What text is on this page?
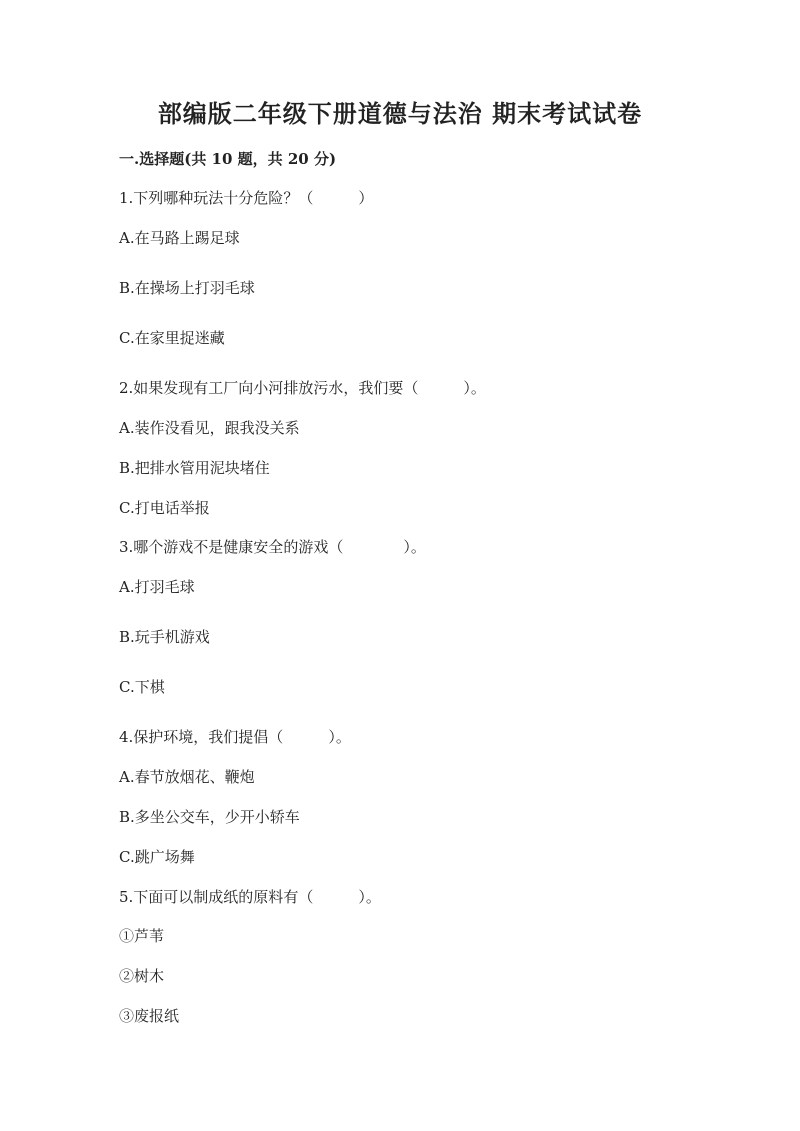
部编版二年级下册道德与法治 期末考试试卷
一.选择题(共 10 题，共 20 分)
1.下列哪种玩法十分危险？（　　　）
A.在马路上踢足球
B.在操场上打羽毛球
C.在家里捉迷藏
2.如果发现有工厂向小河排放污水，我们要（　　　）。
A.装作没看见，跟我没关系
B.把排水管用泥块堵住
C.打电话举报
3.哪个游戏不是健康安全的游戏（　　　　）。
A.打羽毛球
B.玩手机游戏
C.下棋
4.保护环境，我们提倡（　　　）。
A.春节放烟花、鞭炮
B.多坐公交车，少开小轿车
C.跳广场舞
5.下面可以制成纸的原料有（　　　）。
①芦苇
②树木
③废报纸
